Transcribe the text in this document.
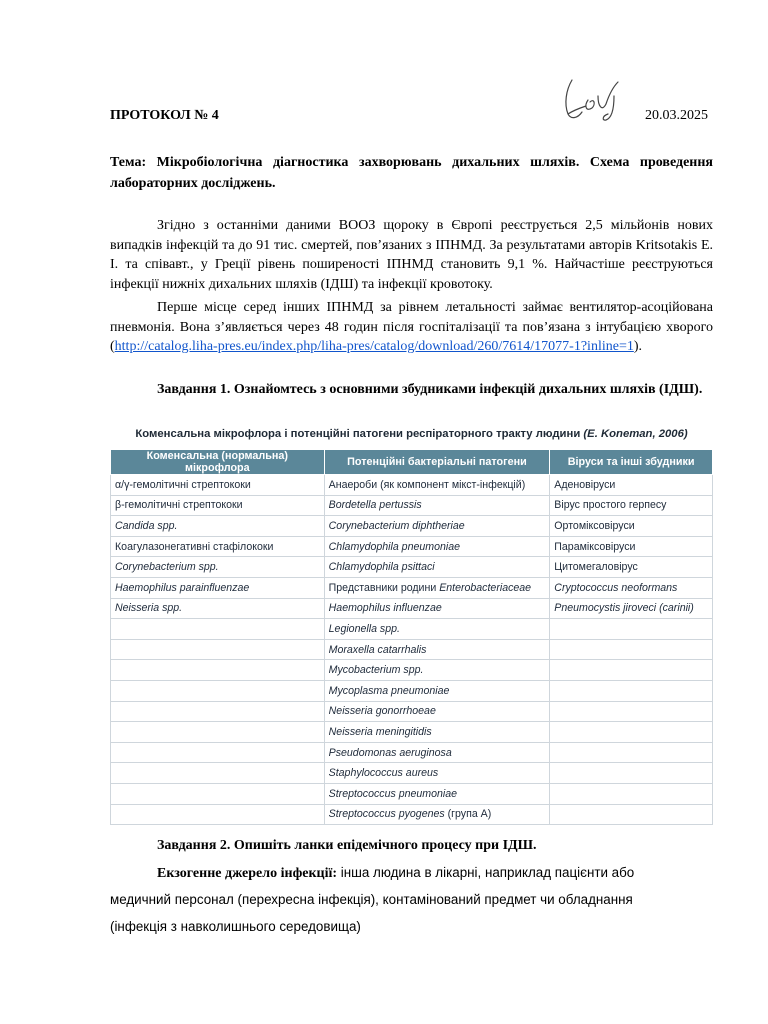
ПРОТОКОЛ № 4	20.03.2025
Тема: Мікробіологічна діагностика захворювань дихальних шляхів. Схема проведення лабораторних досліджень.
Згідно з останніми даними ВООЗ щороку в Європі реєструється 2,5 мільйонів нових випадків інфекцій та до 91 тис. смертей, пов’язаних з ІПНМД. За результатами авторів Kritsotakis E. I. та співавт., у Греції рівень поширеності ІПНМД становить 9,1 %. Найчастіше реєструються інфекції нижніх дихальних шляхів (ІДШ) та інфекції кровотоку.
Перше місце серед інших ІПНМД за рівнем летальності займає вентилятор-асоційована пневмонія. Вона з’являється через 48 годин після госпіталізації та пов’язана з інтубацією хворого (http://catalog.liha-pres.eu/index.php/liha-pres/catalog/download/260/7614/17077-1?inline=1).
Завдання 1. Ознайомтесь з основними збудниками інфекцій дихальних шляхів (ІДШ).
Коменсальна мікрофлора і потенційні патогени респіраторного тракту людини (E. Konеman, 2006)
Коменсальна (нормальна) мікрофлора	Потенційні бактеріальні патогени	Віруси та інші збудники
α/γ-гемолітичні стрептококи	Анаероби (як компонент мікст-інфекцій)	Аденовіруси
β-гемолітичні стрептококи	Bordetella pertussis	Вірус простого герпесу
Candida spp.	Corynebacterium diphtheriae	Ортоміксовіруси
Коагулазонегативні стафілококи	Chlamydophila pneumoniae	Параміксовіруси
Corynebacterium spp.	Chlamydophila psittaci	Цитомегаловірус
Haemophilus parainfluenzae	Представники родини Enterobacteriaceae	Cryptococcus neoformans
Neisseria spp.	Haemophilus influenzae	Pneumocystis jiroveci (carinii)
	Legionella spp.	
	Moraxella catarrhalis	
	Mycobacterium spp.	
	Mycoplasma pneumoniae	
	Neisseria gonorrhoeae	
	Neisseria meningitidis	
	Pseudomonas aeruginosa	
	Staphylococcus aureus	
	Streptococcus pneumoniae	
	Streptococcus pyogenes (група А)	
Завдання 2. Опишіть ланки епідемічного процесу при ІДШ.
Екзогенне джерело інфекції: інша людина в лікарні, наприклад пацієнти або
медичний персонал (перехресна інфекція), контамінований предмет чи обладнання
(інфекція з навколишнього середовища)
